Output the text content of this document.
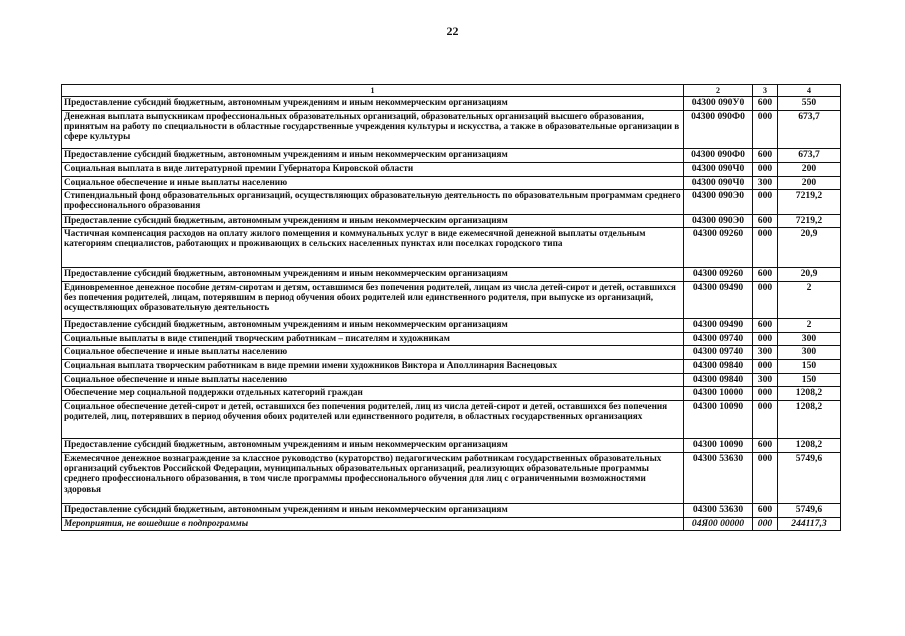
22
1	2	3	4
Предоставление субсидий бюджетным, автономным учреждениям и иным некоммерческим организациям	04300 090У0	600	550
Денежная выплата выпускникам профессиональных образовательных организаций, образовательных организаций высшего образования, принятым на работу по специальности в областные государственные учреждения культуры и искусства, а также в образовательные организации в сфере культуры	04300 090Ф0	000	673,7
Предоставление субсидий бюджетным, автономным учреждениям и иным некоммерческим организациям	04300 090Ф0	600	673,7
Социальная выплата в виде литературной премии Губернатора Кировской области	04300 090Ч0	000	200
Социальное обеспечение и иные выплаты населению	04300 090Ч0	300	200
Стипендиальный фонд образовательных организаций, осуществляющих образовательную деятельность по образовательным программам среднего профессионального образования	04300 090Э0	000	7219,2
Предоставление субсидий бюджетным, автономным учреждениям и иным некоммерческим организациям	04300 090Э0	600	7219,2
Частичная компенсация расходов на оплату жилого помещения и коммунальных услуг в виде ежемесячной денежной выплаты отдельным категориям специалистов, работающих и проживающих в сельских населенных пунктах или поселках городского типа	04300 09260	000	20,9
Предоставление субсидий бюджетным, автономным учреждениям и иным некоммерческим организациям	04300 09260	600	20,9
Единовременное денежное пособие детям-сиротам и детям, оставшимся без попечения родителей, лицам из числа детей-сирот и детей, оставшихся без попечения родителей, лицам, потерявшим в период обучения обоих родителей или единственного родителя, при выпуске из организаций, осуществляющих образовательную деятельность	04300 09490	000	2
Предоставление субсидий бюджетным, автономным учреждениям и иным некоммерческим организациям	04300 09490	600	2
Социальные выплаты в виде стипендий творческим работникам – писателям и художникам	04300 09740	000	300
Социальное обеспечение и иные выплаты населению	04300 09740	300	300
Социальная выплата творческим работникам в виде премии имени художников Виктора и Аполлинария Васнецовых	04300 09840	000	150
Социальное обеспечение и иные выплаты населению	04300 09840	300	150
Обеспечение мер социальной поддержки отдельных категорий граждан	04300 10000	000	1208,2
Социальное обеспечение детей-сирот и детей, оставшихся без попечения родителей, лиц из числа детей-сирот и детей, оставшихся без попечения родителей, лиц, потерявших в период обучения обоих родителей или единственного родителя, в областных государственных организациях	04300 10090	000	1208,2
Предоставление субсидий бюджетным, автономным учреждениям и иным некоммерческим организациям	04300 10090	600	1208,2
Ежемесячное денежное вознаграждение за классное руководство (кураторство) педагогическим работникам государственных образовательных организаций субъектов Российской Федерации, муниципальных образовательных организаций, реализующих образовательные программы среднего профессионального образования, в том числе программы профессионального обучения для лиц с ограниченными возможностями здоровья	04300 53630	000	5749,6
Предоставление субсидий бюджетным, автономным учреждениям и иным некоммерческим организациям	04300 53630	600	5749,6
Мероприятия, не вошедшие в подпрограммы	04Я00 00000	000	244117,3
